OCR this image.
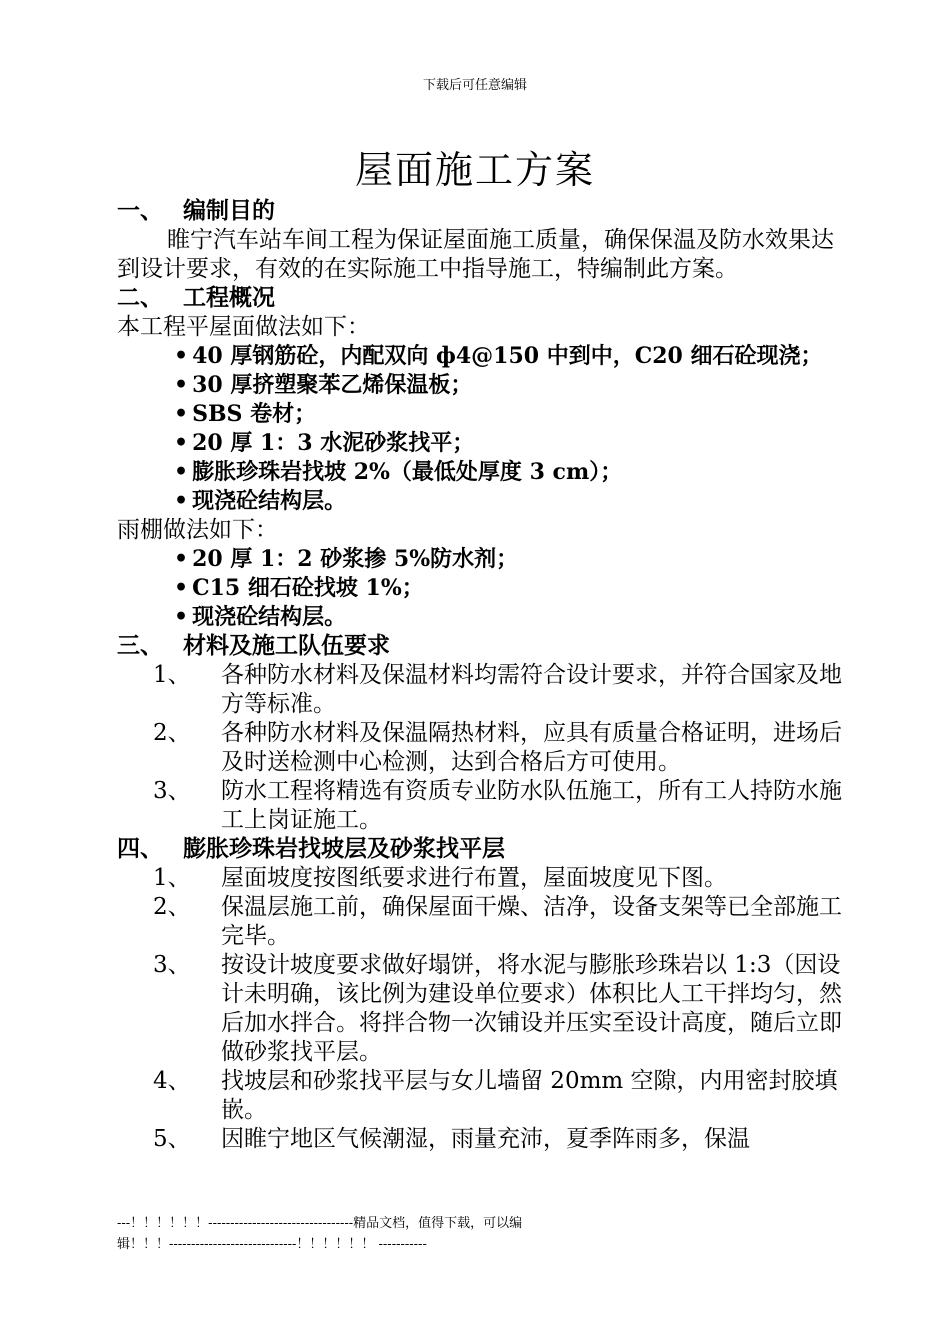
下载后可任意编辑
屋面施工方案
一、 编制目的
睢宁汽车站车间工程为保证屋面施工质量，确保保温及防水效果达到设计要求，有效的在实际施工中指导施工，特编制此方案。
二、 工程概况
本工程平屋面做法如下：
• 40 厚钢筋砼，内配双向 ф4@150 中到中，C20 细石砼现浇；
• 30 厚挤塑聚苯乙烯保温板；
• SBS 卷材；
• 20 厚 1：3 水泥砂浆找平；
• 膨胀珍珠岩找坡 2%（最低处厚度 3 cm）；
• 现浇砼结构层。
雨棚做法如下：
• 20 厚 1：2 砂浆掺 5%防水剂；
• C15 细石砼找坡 1%；
• 现浇砼结构层。
三、 材料及施工队伍要求
1、	各种防水材料及保温材料均需符合设计要求，并符合国家及地方等标准。
2、	各种防水材料及保温隔热材料，应具有质量合格证明，进场后及时送检测中心检测，达到合格后方可使用。
3、	防水工程将精选有资质专业防水队伍施工，所有工人持防水施工上岗证施工。
四、 膨胀珍珠岩找坡层及砂浆找平层
1、	屋面坡度按图纸要求进行布置，屋面坡度见下图。
2、	保温层施工前，确保屋面干燥、洁净，设备支架等已全部施工完毕。
3、	按设计坡度要求做好塌饼，将水泥与膨胀珍珠岩以 1:3（因设计未明确，该比例为建设单位要求）体积比人工干拌均匀，然后加水拌合。将拌合物一次铺设并压实至设计高度，随后立即做砂浆找平层。
4、	找坡层和砂浆找平层与女儿墙留 20mm 空隙，内用密封胶填嵌。
5、	因睢宁地区气候潮湿，雨量充沛，夏季阵雨多，保温
---！！！！！！---------------------------------精品文档，值得下载，可以编
辑！！！-----------------------------！！！！！！ -----------
